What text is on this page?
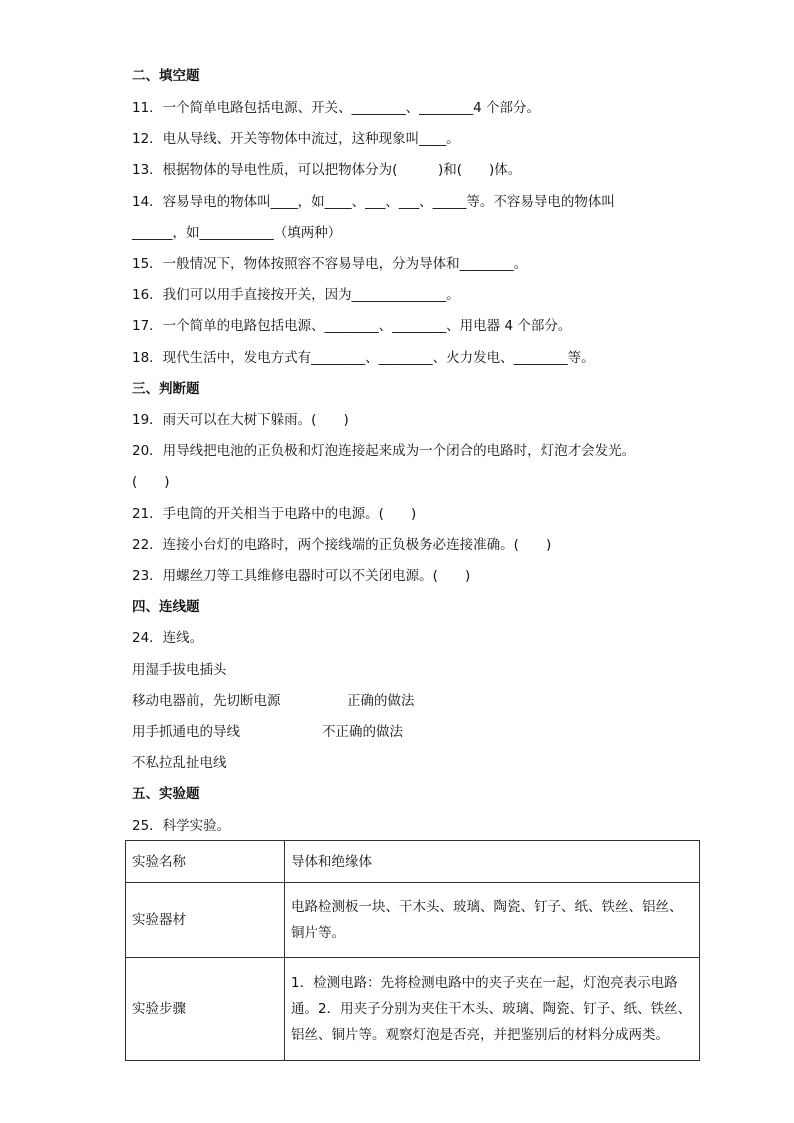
二、填空题
11．一个简单电路包括电源、开关、________、________4 个部分。
12．电从导线、开关等物体中流过，这种现象叫____。
13．根据物体的导电性质，可以把物体分为(　　　)和(　　)体。
14．容易导电的物体叫____，如____、___、___、_____等。不容易导电的物体叫
______，如___________（填两种）
15．一般情况下，物体按照容不容易导电，分为导体和________。
16．我们可以用手直接按开关，因为______________。
17．一个简单的电路包括电源、________、________、用电器 4 个部分。
18．现代生活中，发电方式有________、________、火力发电、________等。
三、判断题
19．雨天可以在大树下躲雨。(　　)
20．用导线把电池的正负极和灯泡连接起来成为一个闭合的电路时，灯泡才会发光。
(　　)
21．手电筒的开关相当于电路中的电源。(　　)
22．连接小台灯的电路时，两个接线端的正负极务必连接准确。(　　)
23．用螺丝刀等工具维修电器时可以不关闭电源。(　　)
四、连线题
24．连线。
用湿手拔电插头
移动电器前，先切断电源	正确的做法
用手抓通电的导线	不正确的做法
不私拉乱扯电线
五、实验题
25．科学实验。
实验名称	导体和绝缘体
实验器材	电路检测板一块、干木头、玻璃、陶瓷、钉子、纸、铁丝、铝丝、铜片等。
实验步骤	1．检测电路：先将检测电路中的夹子夹在一起，灯泡亮表示电路通。2．用夹子分别为夹住干木头、玻璃、陶瓷、钉子、纸、铁丝、铝丝、铜片等。观察灯泡是否亮，并把鉴别后的材料分成两类。
